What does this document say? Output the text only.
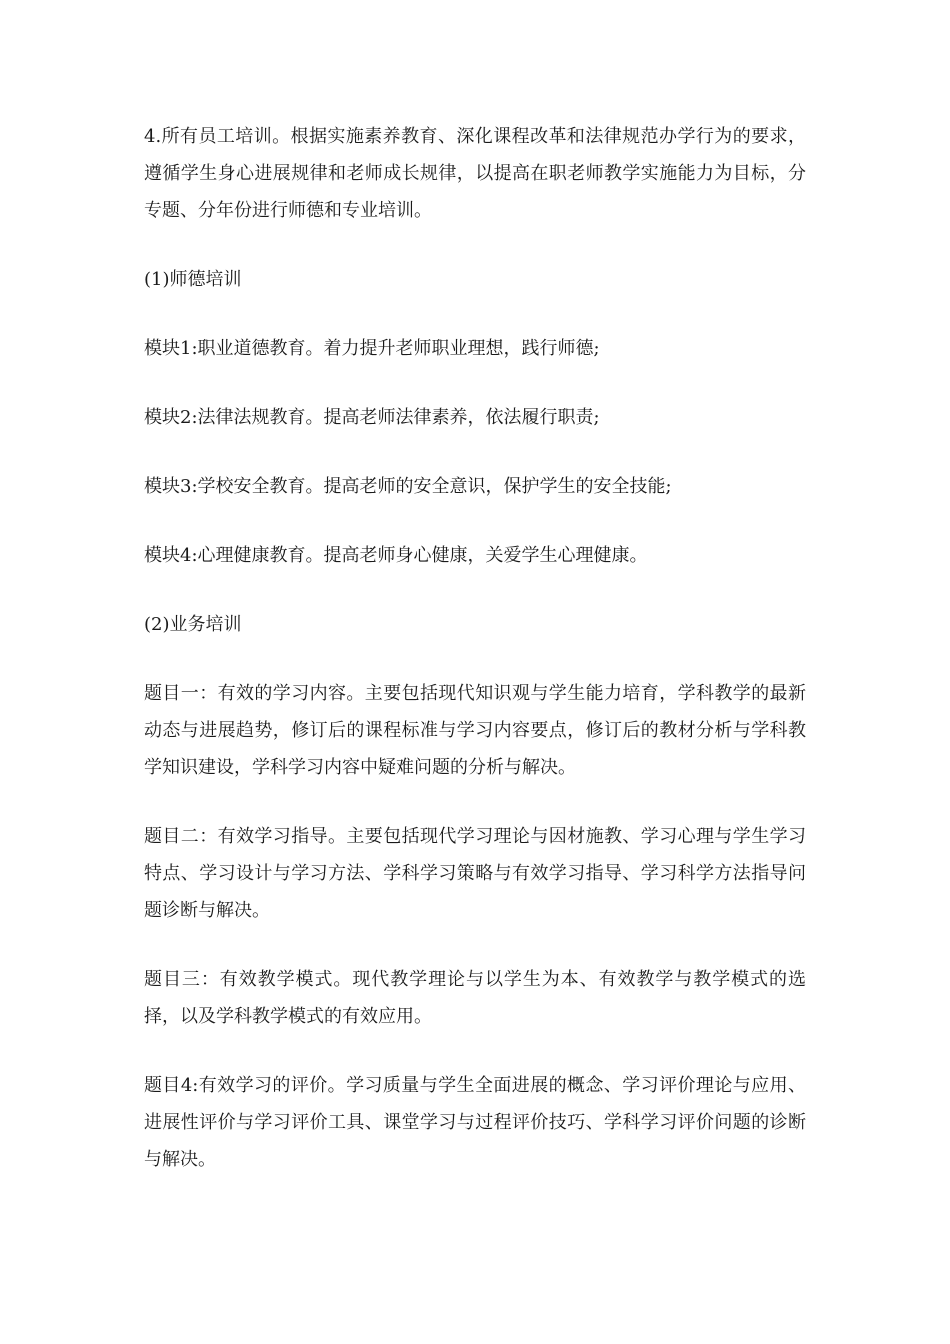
4.所有员工培训。根据实施素养教育、深化课程改革和法律规范办学行为的要求，遵循学生身心进展规律和老师成长规律，以提高在职老师教学实施能力为目标，分专题、分年份进行师德和专业培训。

(1)师德培训

模块1:职业道德教育。着力提升老师职业理想，践行师德;

模块2:法律法规教育。提高老师法律素养，依法履行职责;

模块3:学校安全教育。提高老师的安全意识，保护学生的安全技能;

模块4:心理健康教育。提高老师身心健康，关爱学生心理健康。

(2)业务培训

题目一：有效的学习内容。主要包括现代知识观与学生能力培育，学科教学的最新动态与进展趋势，修订后的课程标准与学习内容要点，修订后的教材分析与学科教学知识建设，学科学习内容中疑难问题的分析与解决。

题目二：有效学习指导。主要包括现代学习理论与因材施教、学习心理与学生学习特点、学习设计与学习方法、学科学习策略与有效学习指导、学习科学方法指导问题诊断与解决。

题目三：有效教学模式。现代教学理论与以学生为本、有效教学与教学模式的选择，以及学科教学模式的有效应用。

题目4:有效学习的评价。学习质量与学生全面进展的概念、学习评价理论与应用、进展性评价与学习评价工具、课堂学习与过程评价技巧、学科学习评价问题的诊断与解决。
